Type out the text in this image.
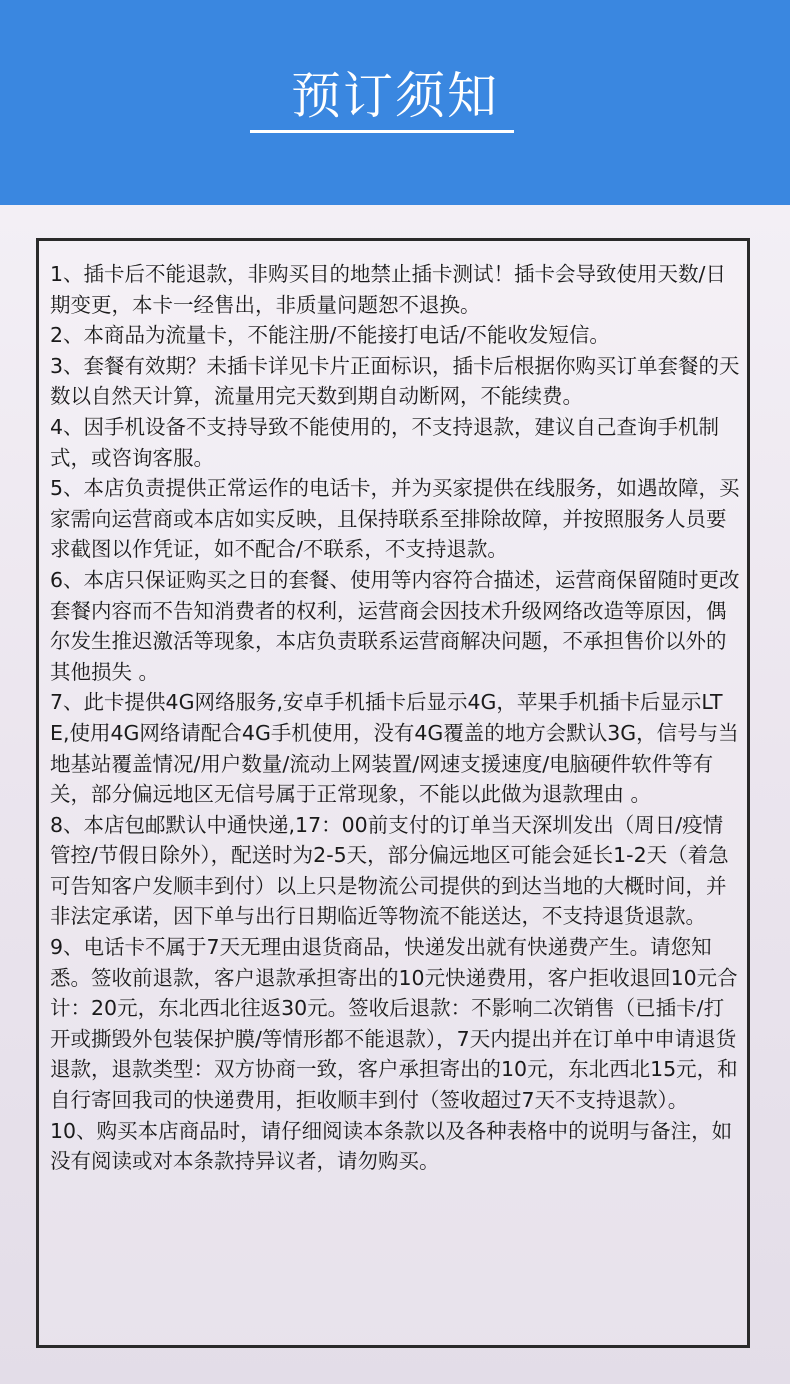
预订须知
1、插卡后不能退款，非购买目的地禁止插卡测试！插卡会导致使用天数/日期变更，本卡一经售出，非质量问题恕不退换。
2、本商品为流量卡，不能注册/不能接打电话/不能收发短信。
3、套餐有效期？未插卡详见卡片正面标识，插卡后根据你购买订单套餐的天数以自然天计算，流量用完天数到期自动断网，不能续费。
4、因手机设备不支持导致不能使用的，不支持退款，建议自己查询手机制式，或咨询客服。
5、本店负责提供正常运作的电话卡，并为买家提供在线服务，如遇故障，买家需向运营商或本店如实反映，且保持联系至排除故障，并按照服务人员要求截图以作凭证，如不配合/不联系，不支持退款。
6、本店只保证购买之日的套餐、使用等内容符合描述，运营商保留随时更改套餐内容而不告知消费者的权利，运营商会因技术升级网络改造等原因，偶尔发生推迟激活等现象，本店负责联系运营商解决问题，不承担售价以外的其他损失 。
7、此卡提供4G网络服务,安卓手机插卡后显示4G，苹果手机插卡后显示LTE,使用4G网络请配合4G手机使用，没有4G覆盖的地方会默认3G，信号与当地基站覆盖情况/用户数量/流动上网装置/网速支援速度/电脑硬件软件等有关，部分偏远地区无信号属于正常现象，不能以此做为退款理由 。
8、本店包邮默认中通快递,17：00前支付的订单当天深圳发出（周日/疫情管控/节假日除外），配送时为2-5天，部分偏远地区可能会延长1-2天（着急可告知客户发顺丰到付）以上只是物流公司提供的到达当地的大概时间，并非法定承诺，因下单与出行日期临近等物流不能送达，不支持退货退款。
9、电话卡不属于7天无理由退货商品，快递发出就有快递费产生。请您知悉。签收前退款，客户退款承担寄出的10元快递费用，客户拒收退回10元合计：20元，东北西北往返30元。签收后退款：不影响二次销售（已插卡/打开或撕毁外包装保护膜/等情形都不能退款），7天内提出并在订单中申请退货退款，退款类型：双方协商一致，客户承担寄出的10元，东北西北15元，和自行寄回我司的快递费用，拒收顺丰到付（签收超过7天不支持退款）。
10、购买本店商品时，请仔细阅读本条款以及各种表格中的说明与备注，如没有阅读或对本条款持异议者，请勿购买。
